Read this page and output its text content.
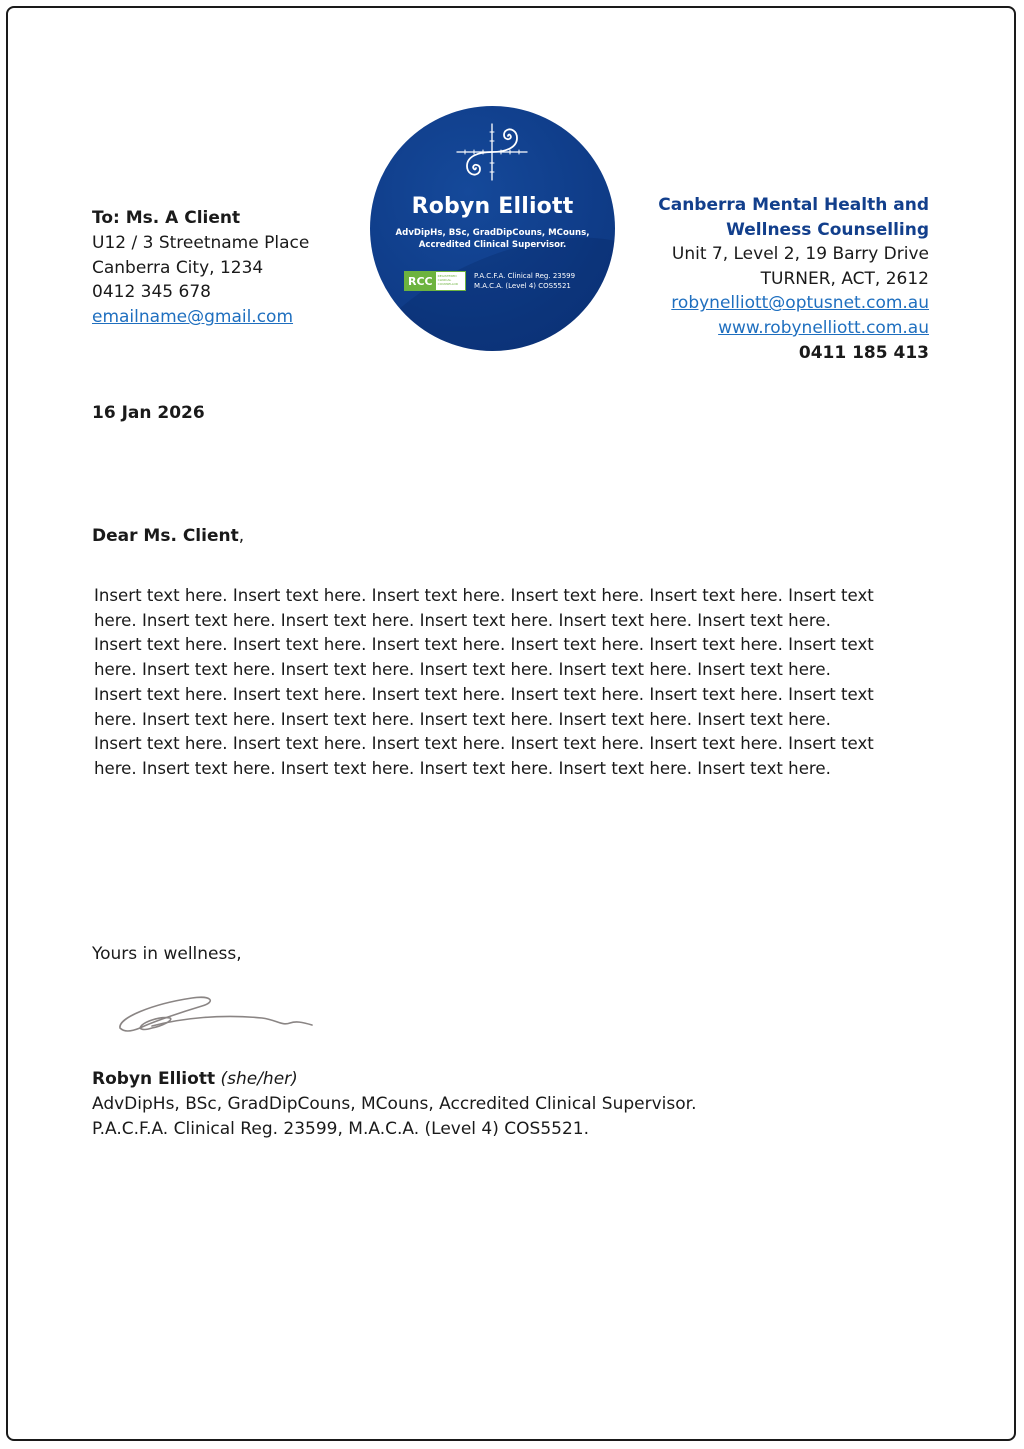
To: Ms. A Client
U12 / 3 Streetname Place
Canberra City, 1234
0412 345 678
emailname@gmail.com
Robyn Elliott
AdvDipHs, BSc, GradDipCouns, MCouns,
Accredited Clinical Supervisor.
RCC	REGISTERED CLINICAL COUNSELLOR
P.A.C.F.A. Clinical Reg. 23599
M.A.C.A. (Level 4) COS5521
Canberra Mental Health and
Wellness Counselling
Unit 7, Level 2, 19 Barry Drive
TURNER, ACT, 2612
robynelliott@optusnet.com.au
www.robynelliott.com.au
0411 185 413
16 Jan 2026
Dear Ms. Client,
Insert text here. Insert text here. Insert text here. Insert text here. Insert text here. Insert text
here. Insert text here. Insert text here. Insert text here. Insert text here. Insert text here.
Insert text here. Insert text here. Insert text here. Insert text here. Insert text here. Insert text
here. Insert text here. Insert text here. Insert text here. Insert text here. Insert text here.
Insert text here. Insert text here. Insert text here. Insert text here. Insert text here. Insert text
here. Insert text here. Insert text here. Insert text here. Insert text here. Insert text here.
Insert text here. Insert text here. Insert text here. Insert text here. Insert text here. Insert text
here. Insert text here. Insert text here. Insert text here. Insert text here. Insert text here.
Yours in wellness,
Robyn Elliott (she/her)
AdvDipHs, BSc, GradDipCouns, MCouns, Accredited Clinical Supervisor.
P.A.C.F.A. Clinical Reg. 23599, M.A.C.A. (Level 4) COS5521.
